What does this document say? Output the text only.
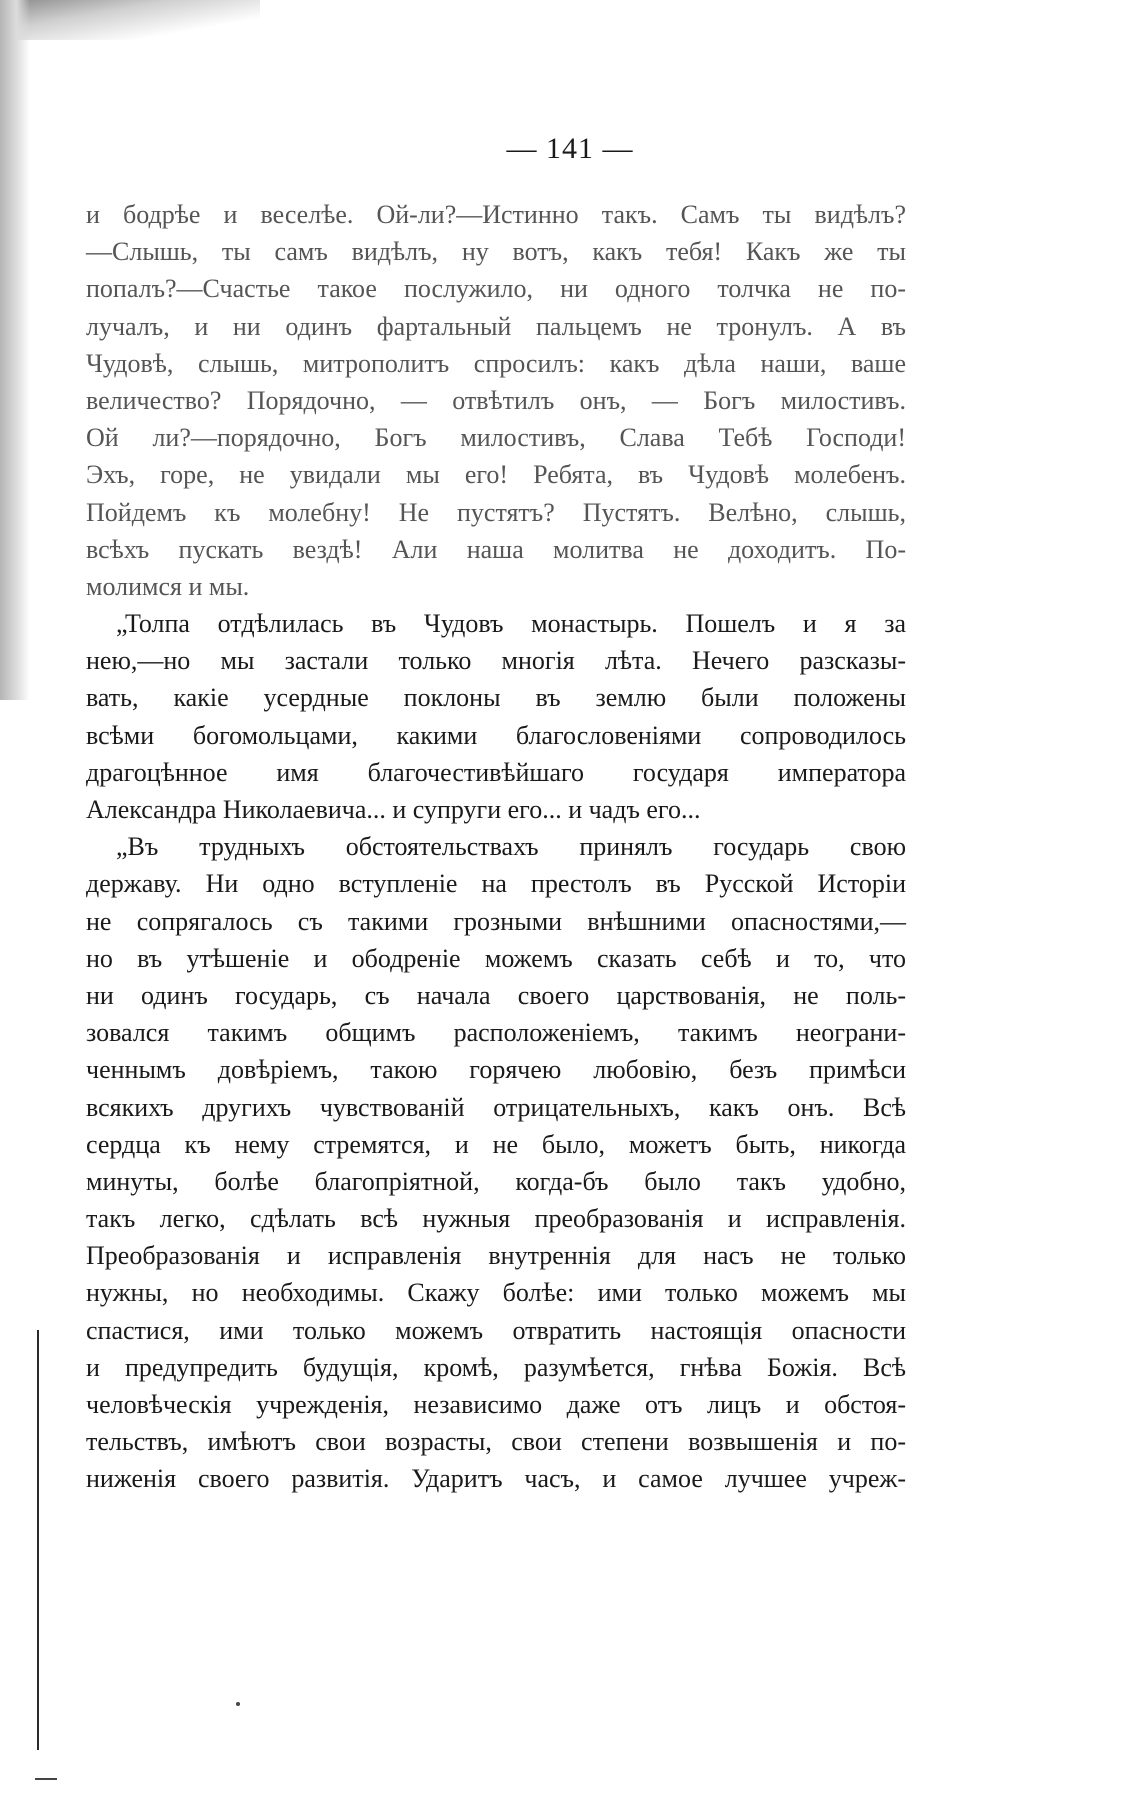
— 141 —
и бодрѣе и веселѣе. Ой-ли?—Истинно такъ. Самъ ты видѣлъ?
—Слышь, ты самъ видѣлъ, ну вотъ, какъ тебя! Какъ же ты
попалъ?—Счастье такое послужило, ни одного толчка не по-
лучалъ, и ни одинъ фартальный пальцемъ не тронулъ. А въ
Чудовѣ, слышь, митрополитъ спросилъ: какъ дѣла наши, ваше
величество? Порядочно, — отвѣтилъ онъ, — Богъ милостивъ.
Ой ли?—порядочно, Богъ милостивъ, Слава Тебѣ Господи!
Эхъ, горе, не увидали мы его! Ребята, въ Чудовѣ молебенъ.
Пойдемъ къ молебну! Не пустятъ? Пустятъ. Велѣно, слышь,
всѣхъ пускать вездѣ! Али наша молитва не доходитъ. По-
молимся и мы.
„Толпа отдѣлилась въ Чудовъ монастырь. Пошелъ и я за
нею,—но мы застали только многія лѣта. Нечего разсказы-
вать, какіе усердные поклоны въ землю были положены
всѣми богомольцами, какими благословеніями сопроводилось
драгоцѣнное имя благочестивѣйшаго государя императора
Александра Николаевича... и супруги его... и чадъ его...
„Въ трудныхъ обстоятельствахъ принялъ государь свою
державу. Ни одно вступленіе на престолъ въ Русской Исторіи
не сопрягалось съ такими грозными внѣшними опасностями,—
но въ утѣшеніе и ободреніе можемъ сказать себѣ и то, что
ни одинъ государь, съ начала своего царствованія, не поль-
зовался такимъ общимъ расположеніемъ, такимъ неограни-
ченнымъ довѣріемъ, такою горячею любовію, безъ примѣси
всякихъ другихъ чувствованій отрицательныхъ, какъ онъ. Всѣ
сердца къ нему стремятся, и не было, можетъ быть, никогда
минуты, болѣе благопріятной, когда-бъ было такъ удобно,
такъ легко, сдѣлать всѣ нужныя преобразованія и исправленія.
Преобразованія и исправленія внутреннія для насъ не только
нужны, но необходимы. Скажу болѣе: ими только можемъ мы
спастися, ими только можемъ отвратить настоящія опасности
и предупредить будущія, кромѣ, разумѣется, гнѣва Божія. Всѣ
человѣческія учрежденія, независимо даже отъ лицъ и обстоя-
тельствъ, имѣютъ свои возрасты, свои степени возвышенія и по-
ниженія своего развитія. Ударитъ часъ, и самое лучшее учреж-
